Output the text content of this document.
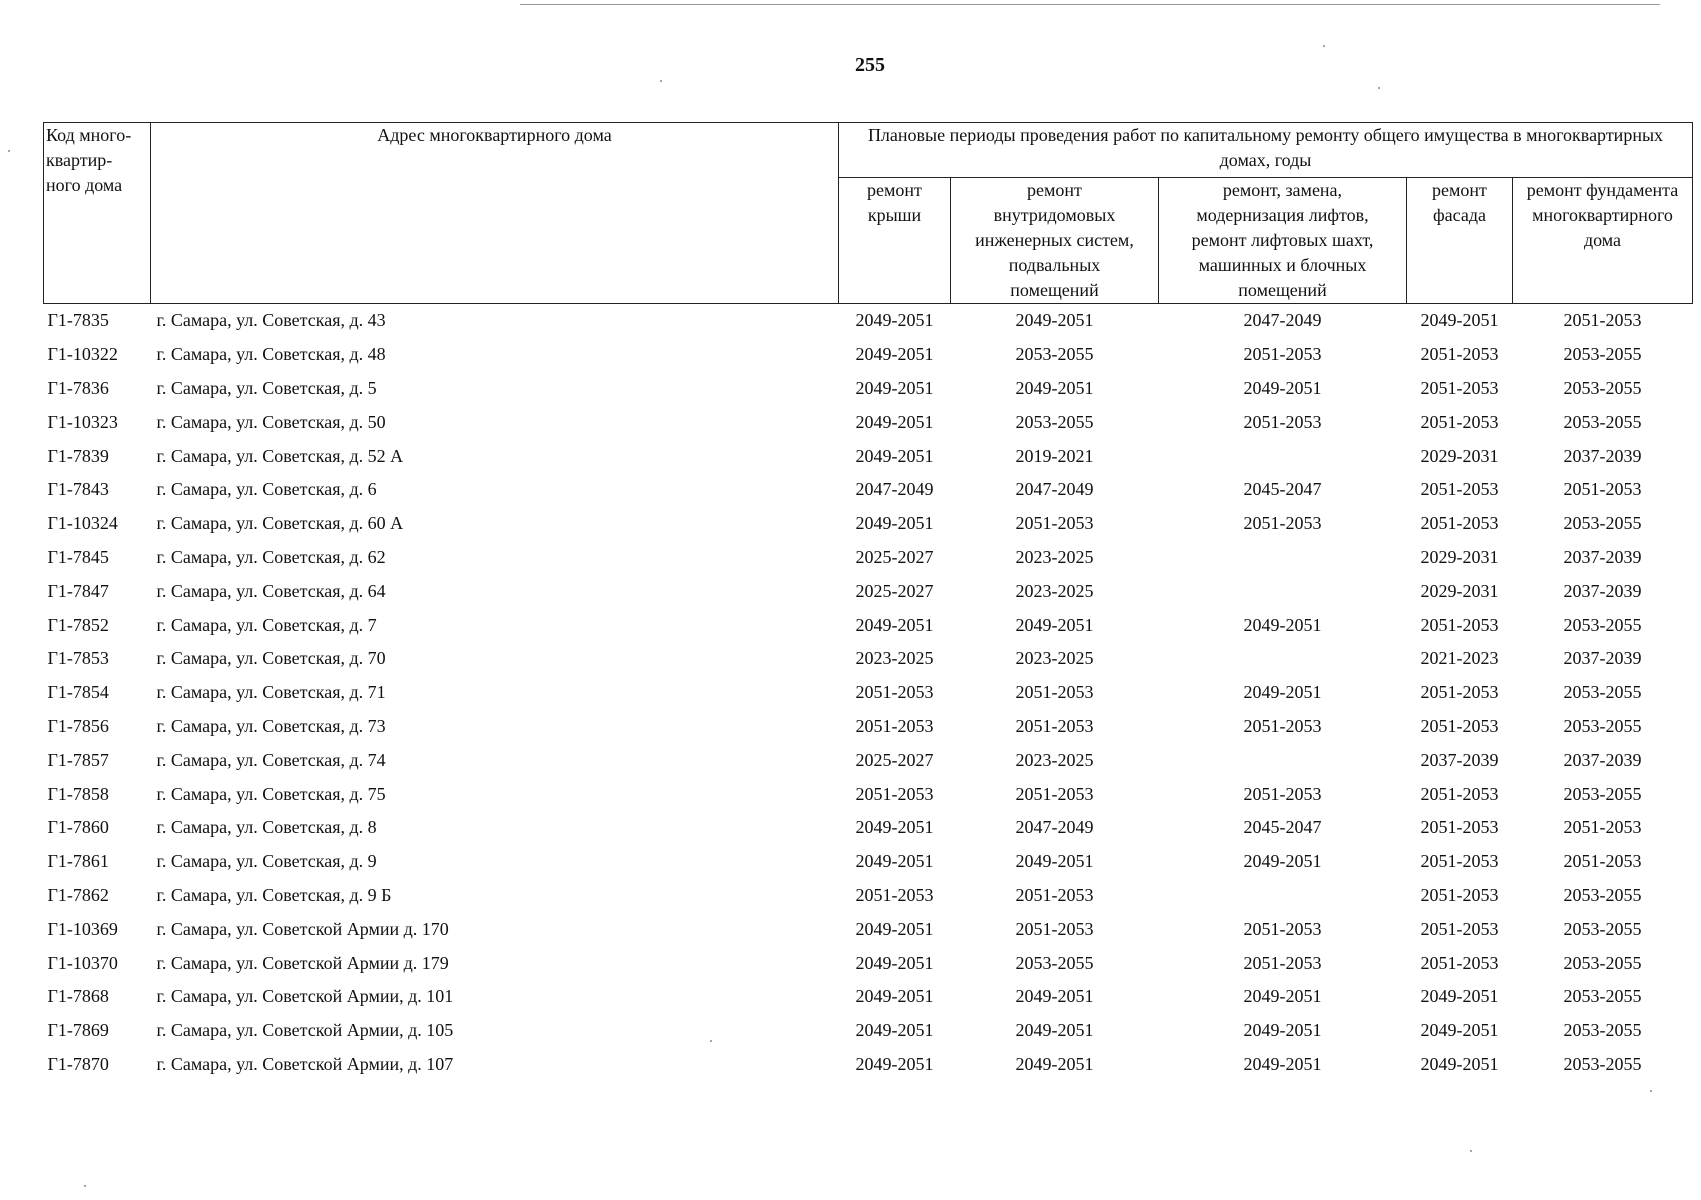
255
Код много-
квартир-
ного дома	Адрес многоквартирного дома	Плановые периоды проведения работ по капитальному ремонту общего имущества в многоквартирных домах, годы				
		ремонт
крыши	ремонт
внутридомовых
инженерных систем,
подвальных
помещений	ремонт, замена,
модернизация лифтов,
ремонт лифтовых шахт,
машинных и блочных
помещений	ремонт
фасада	ремонт фундамента
многоквартирного
дома
Г1-7835	г. Самара, ул. Советская, д. 43	2049-2051	2049-2051	2047-2049	2049-2051	2051-2053
Г1-10322	г. Самара, ул. Советская, д. 48	2049-2051	2053-2055	2051-2053	2051-2053	2053-2055
Г1-7836	г. Самара, ул. Советская, д. 5	2049-2051	2049-2051	2049-2051	2051-2053	2053-2055
Г1-10323	г. Самара, ул. Советская, д. 50	2049-2051	2053-2055	2051-2053	2051-2053	2053-2055
Г1-7839	г. Самара, ул. Советская, д. 52 А	2049-2051	2019-2021		2029-2031	2037-2039
Г1-7843	г. Самара, ул. Советская, д. 6	2047-2049	2047-2049	2045-2047	2051-2053	2051-2053
Г1-10324	г. Самара, ул. Советская, д. 60 А	2049-2051	2051-2053	2051-2053	2051-2053	2053-2055
Г1-7845	г. Самара, ул. Советская, д. 62	2025-2027	2023-2025		2029-2031	2037-2039
Г1-7847	г. Самара, ул. Советская, д. 64	2025-2027	2023-2025		2029-2031	2037-2039
Г1-7852	г. Самара, ул. Советская, д. 7	2049-2051	2049-2051	2049-2051	2051-2053	2053-2055
Г1-7853	г. Самара, ул. Советская, д. 70	2023-2025	2023-2025		2021-2023	2037-2039
Г1-7854	г. Самара, ул. Советская, д. 71	2051-2053	2051-2053	2049-2051	2051-2053	2053-2055
Г1-7856	г. Самара, ул. Советская, д. 73	2051-2053	2051-2053	2051-2053	2051-2053	2053-2055
Г1-7857	г. Самара, ул. Советская, д. 74	2025-2027	2023-2025		2037-2039	2037-2039
Г1-7858	г. Самара, ул. Советская, д. 75	2051-2053	2051-2053	2051-2053	2051-2053	2053-2055
Г1-7860	г. Самара, ул. Советская, д. 8	2049-2051	2047-2049	2045-2047	2051-2053	2051-2053
Г1-7861	г. Самара, ул. Советская, д. 9	2049-2051	2049-2051	2049-2051	2051-2053	2051-2053
Г1-7862	г. Самара, ул. Советская, д. 9 Б	2051-2053	2051-2053		2051-2053	2053-2055
Г1-10369	г. Самара, ул. Советской Армии д. 170	2049-2051	2051-2053	2051-2053	2051-2053	2053-2055
Г1-10370	г. Самара, ул. Советской Армии д. 179	2049-2051	2053-2055	2051-2053	2051-2053	2053-2055
Г1-7868	г. Самара, ул. Советской Армии, д. 101	2049-2051	2049-2051	2049-2051	2049-2051	2053-2055
Г1-7869	г. Самара, ул. Советской Армии, д. 105	2049-2051	2049-2051	2049-2051	2049-2051	2053-2055
Г1-7870	г. Самара, ул. Советской Армии, д. 107	2049-2051	2049-2051	2049-2051	2049-2051	2053-2055
